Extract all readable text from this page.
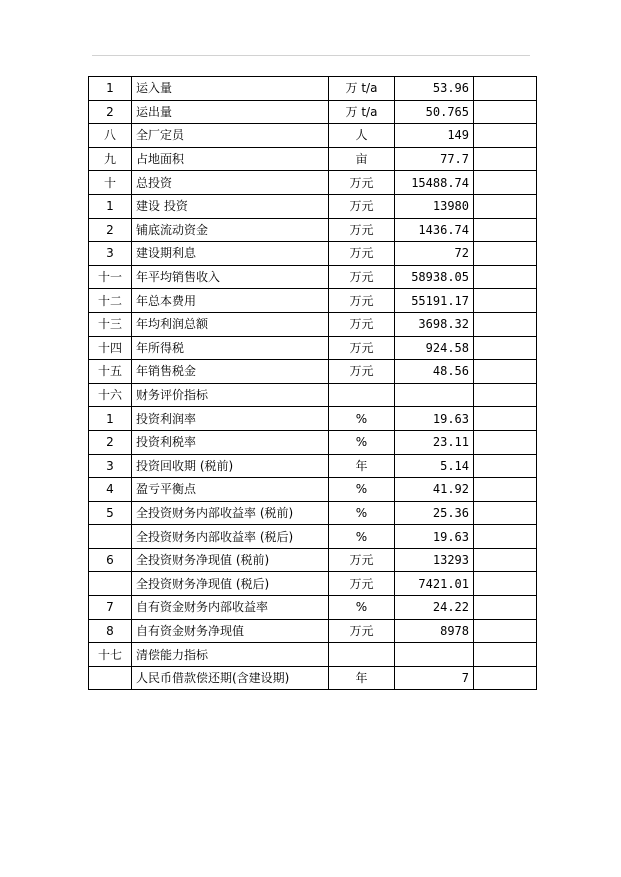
1	运入量	万 t/a	53.96	
2	运出量	万 t/a	50.765	
八	全厂定员	人	149	
九	占地面积	亩	77.7	
十	总投资	万元	15488.74	
1	建设 投资	万元	13980	
2	铺底流动资金	万元	1436.74	
3	建设期利息	万元	72	
十一	年平均销售收入	万元	58938.05	
十二	年总本费用	万元	55191.17	
十三	年均利润总额	万元	3698.32	
十四	年所得税	万元	924.58	
十五	年销售税金	万元	48.56	
十六	财务评价指标			
1	投资利润率	%	19.63	
2	投资利税率	%	23.11	
3	投资回收期 (税前)	年	5.14	
4	盈亏平衡点	%	41.92	
5	全投资财务内部收益率 (税前)	%	25.36	
	全投资财务内部收益率 (税后)	%	19.63	
6	全投资财务净现值 (税前)	万元	13293	
	全投资财务净现值 (税后)	万元	7421.01	
7	自有资金财务内部收益率	%	24.22	
8	自有资金财务净现值	万元	8978	
十七	清偿能力指标			
	人民币借款偿还期(含建设期)	年	7	
